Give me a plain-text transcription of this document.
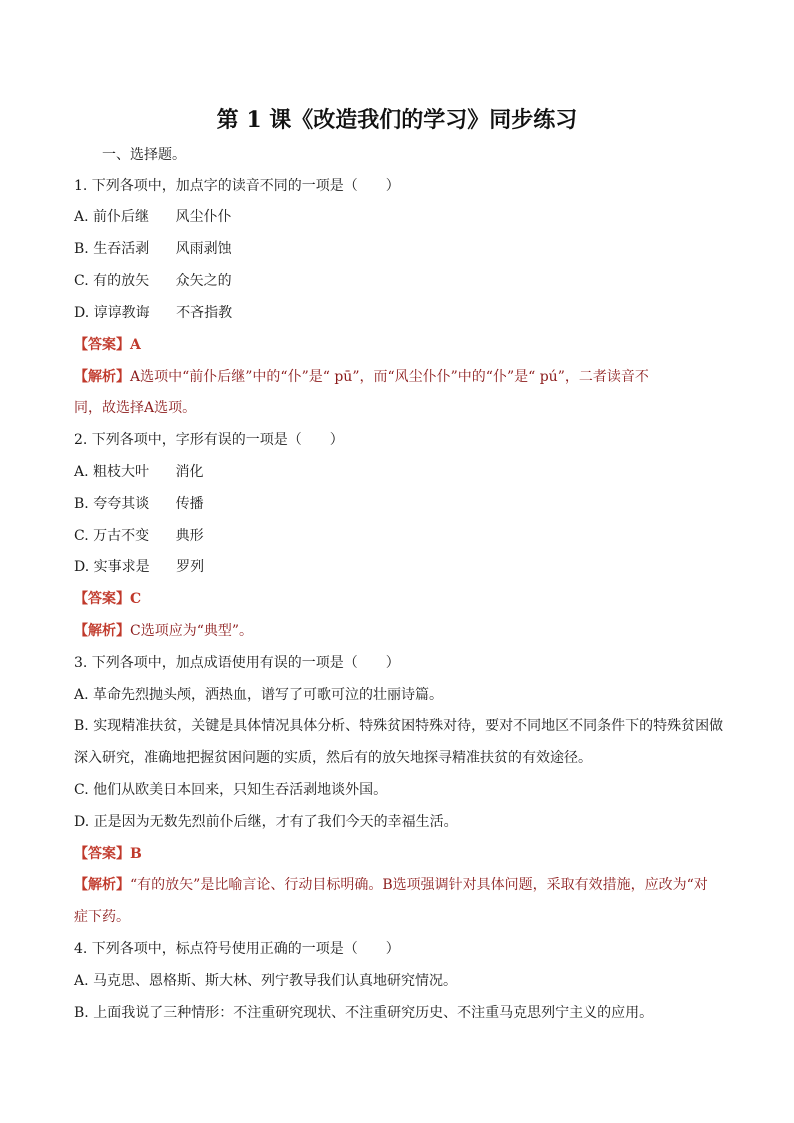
第 1 课《改造我们的学习》同步练习
一、选择题。
1. 下列各项中，加点字的读音不同的一项是（　　）
A. 前仆后继 风尘仆仆
B. 生吞活剥 风雨剥蚀
C. 有的放矢 众矢之的
D. 谆谆教诲 不吝指教
【答案】A
【解析】A选项中“前仆后继”中的“仆”是“ pū”，而“风尘仆仆”中的“仆”是“ pú”，二者读音不
同，故选择A选项。
2. 下列各项中，字形有误的一项是（　　）
A. 粗枝大叶 消化
B. 夸夸其谈 传播
C. 万古不变 典形
D. 实事求是 罗列
【答案】C
【解析】C选项应为“典型”。
3. 下列各项中，加点成语使用有误的一项是（　　）
A. 革命先烈抛头颅，洒热血，谱写了可歌可泣的壮丽诗篇。
B. 实现精准扶贫，关键是具体情况具体分析、特殊贫困特殊对待，要对不同地区不同条件下的特殊贫困做
深入研究，准确地把握贫困问题的实质，然后有的放矢地探寻精准扶贫的有效途径。
C. 他们从欧美日本回来，只知生吞活剥地谈外国。
D. 正是因为无数先烈前仆后继，才有了我们今天的幸福生活。
【答案】B
【解析】“有的放矢”是比喻言论、行动目标明确。B选项强调针对具体问题，采取有效措施，应改为“对
症下药。
4. 下列各项中，标点符号使用正确的一项是（　　）
A. 马克思、恩格斯、斯大林、列宁教导我们认真地研究情况。
B. 上面我说了三种情形：不注重研究现状、不注重研究历史、不注重马克思列宁主义的应用。
